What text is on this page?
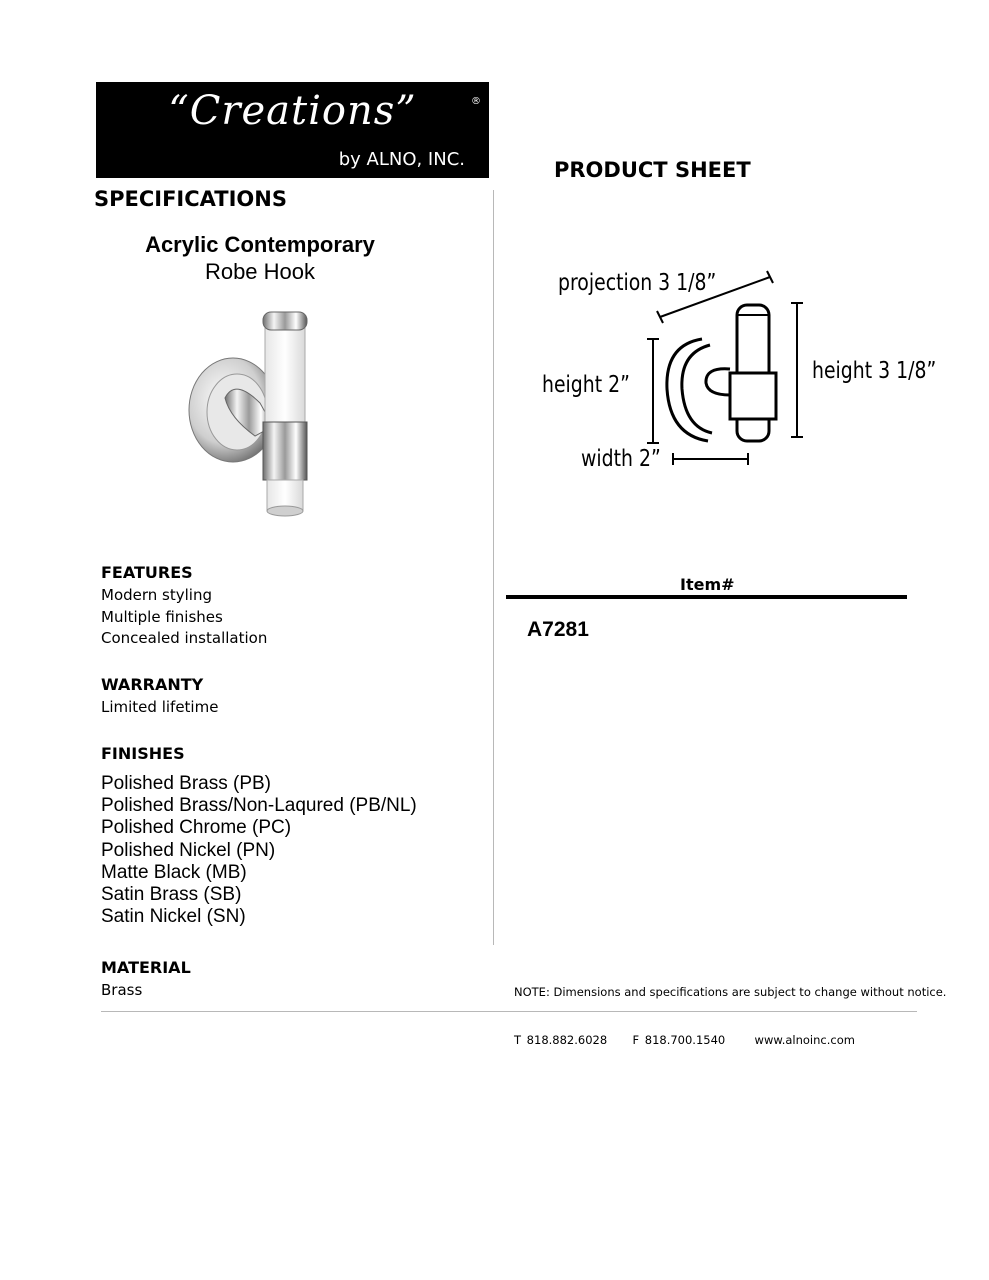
“Creations”	®
by ALNO, INC.	PRODUCT SHEET
SPECIFICATIONS
Acrylic Contemporary
Robe Hook	projection 3 1/8”
height 2”
height 3 1/8”
width 2”
FEATURES
Modern styling
Multiple finishes
Concealed installation
WARRANTY
Limited lifetime
FINISHES
Polished Brass (PB)
Polished Brass/Non-Laqured (PB/NL)
Polished Chrome (PC)
Polished Nickel (PN)
Matte Black (MB)
Satin Brass (SB)
Satin Nickel (SN)
MATERIAL
Brass
Item#
A7281
NOTE: Dimensions and specifications are subject to change without notice.
T 818.882.6028 F 818.700.1540	www.alnoinc.com
